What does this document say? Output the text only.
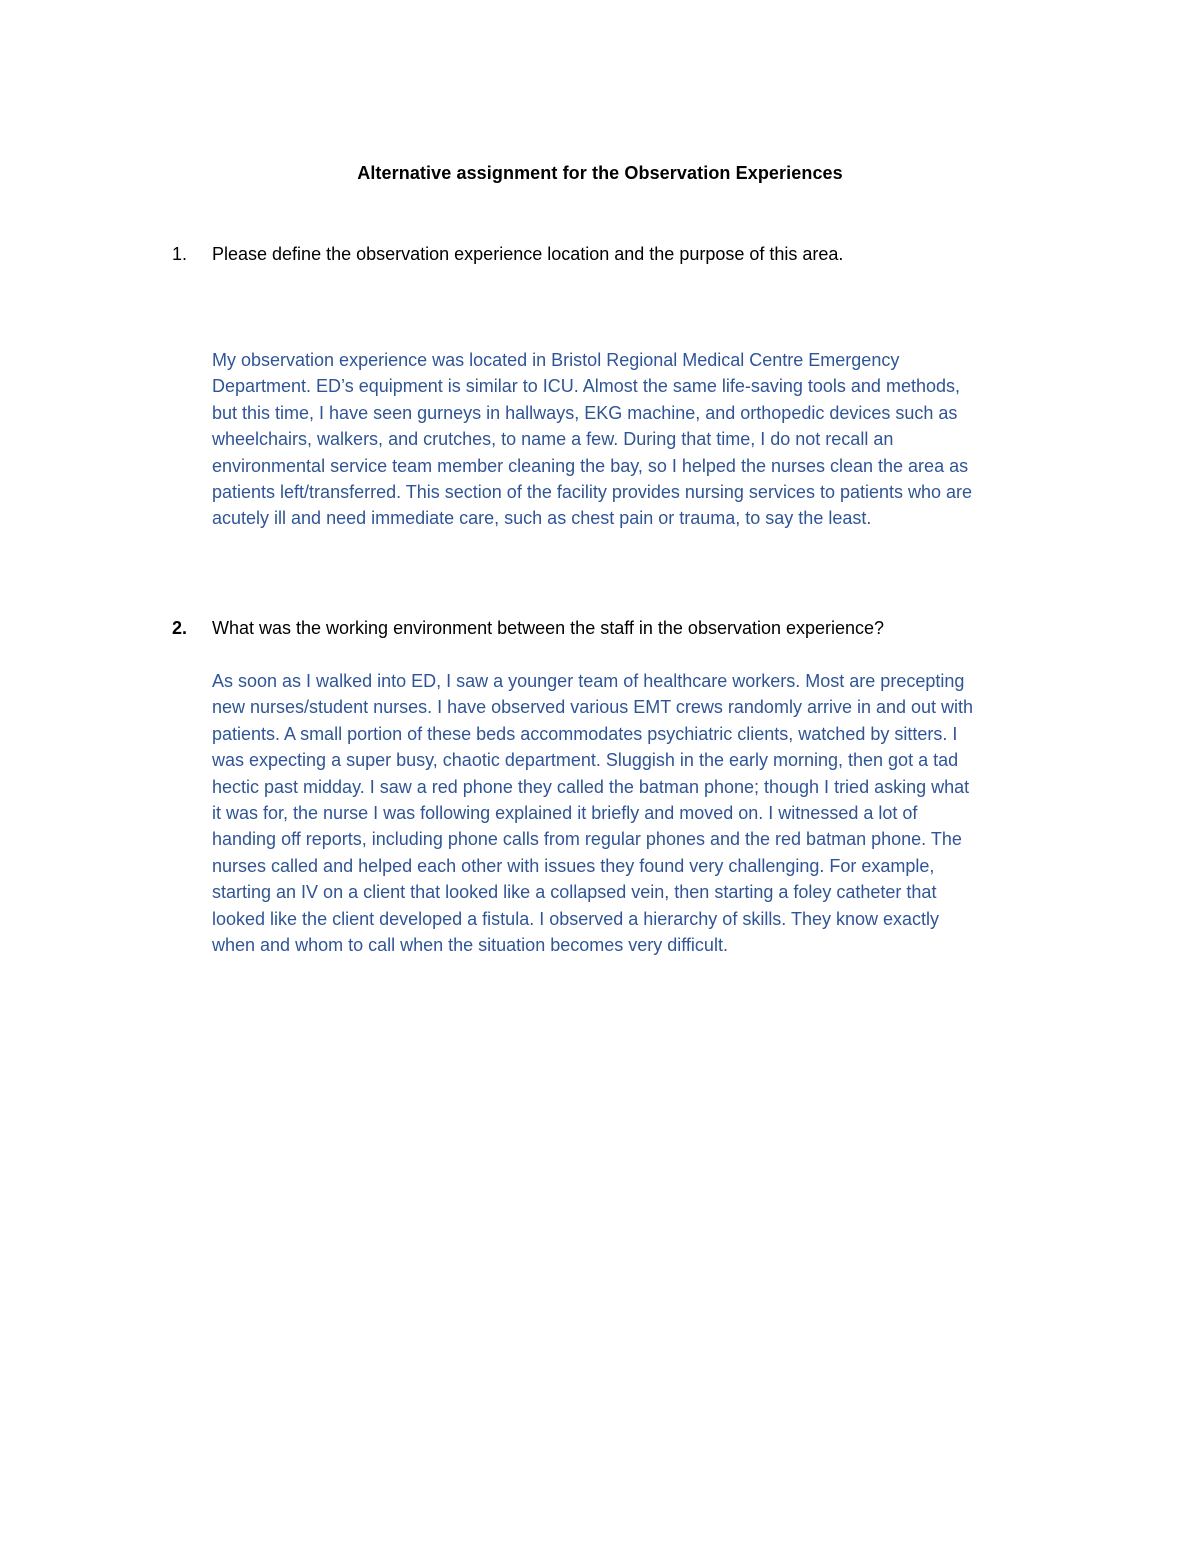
Alternative assignment for the Observation Experiences
1. Please define the observation experience location and the purpose of this area.
My observation experience was located in Bristol Regional Medical Centre Emergency
Department. ED’s equipment is similar to ICU. Almost the same life-saving tools and methods,
but this time, I have seen gurneys in hallways, EKG machine, and orthopedic devices such as
wheelchairs, walkers, and crutches, to name a few. During that time, I do not recall an
environmental service team member cleaning the bay, so I helped the nurses clean the area as
patients left/transferred. This section of the facility provides nursing services to patients who are
acutely ill and need immediate care, such as chest pain or trauma, to say the least.
2. What was the working environment between the staff in the observation experience?
As soon as I walked into ED, I saw a younger team of healthcare workers. Most are precepting
new nurses/student nurses. I have observed various EMT crews randomly arrive in and out with
patients. A small portion of these beds accommodates psychiatric clients, watched by sitters. I
was expecting a super busy, chaotic department. Sluggish in the early morning, then got a tad
hectic past midday. I saw a red phone they called the batman phone; though I tried asking what
it was for, the nurse I was following explained it briefly and moved on. I witnessed a lot of
handing off reports, including phone calls from regular phones and the red batman phone. The
nurses called and helped each other with issues they found very challenging. For example,
starting an IV on a client that looked like a collapsed vein, then starting a foley catheter that
looked like the client developed a fistula. I observed a hierarchy of skills. They know exactly
when and whom to call when the situation becomes very difficult.
